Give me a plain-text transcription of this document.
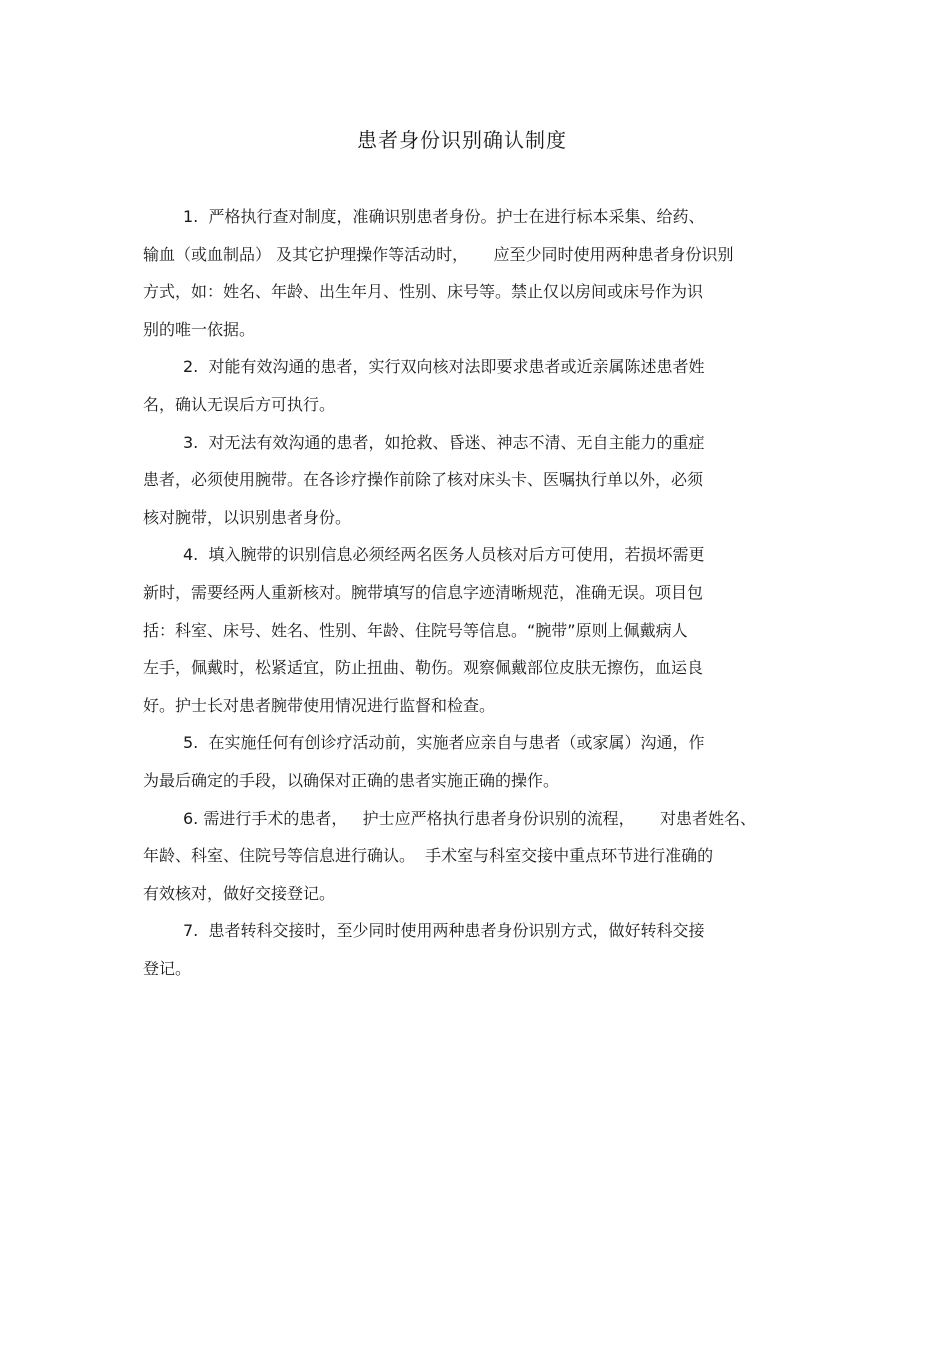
患者身份识别确认制度
1.  严格执行查对制度，准确识别患者身份。护士在进行标本采集、给药、
输血（或血制品） 及其它护理操作等活动时，     应至少同时使用两种患者身份识别
方式，如：姓名、年龄、出生年月、性别、床号等。禁止仅以房间或床号作为识
别的唯一依据。
2.  对能有效沟通的患者，实行双向核对法即要求患者或近亲属陈述患者姓
名，确认无误后方可执行。
3.  对无法有效沟通的患者，如抢救、昏迷、神志不清、无自主能力的重症
患者，必须使用腕带。在各诊疗操作前除了核对床头卡、医嘱执行单以外，必须
核对腕带，以识别患者身份。
4.  填入腕带的识别信息必须经两名医务人员核对后方可使用，若损坏需更
新时，需要经两人重新核对。腕带填写的信息字迹清晰规范，准确无误。项目包
括：科室、床号、姓名、性别、年龄、住院号等信息。“腕带”原则上佩戴病人
左手，佩戴时，松紧适宜，防止扭曲、勒伤。观察佩戴部位皮肤无擦伤，血运良
好。护士长对患者腕带使用情况进行监督和检查。
5.  在实施任何有创诊疗活动前，实施者应亲自与患者（或家属）沟通，作
为最后确定的手段，以确保对正确的患者实施正确的操作。
6. 需进行手术的患者，   护士应严格执行患者身份识别的流程，     对患者姓名、
年龄、科室、住院号等信息进行确认。  手术室与科室交接中重点环节进行准确的
有效核对，做好交接登记。
7.  患者转科交接时，至少同时使用两种患者身份识别方式，做好转科交接
登记。
